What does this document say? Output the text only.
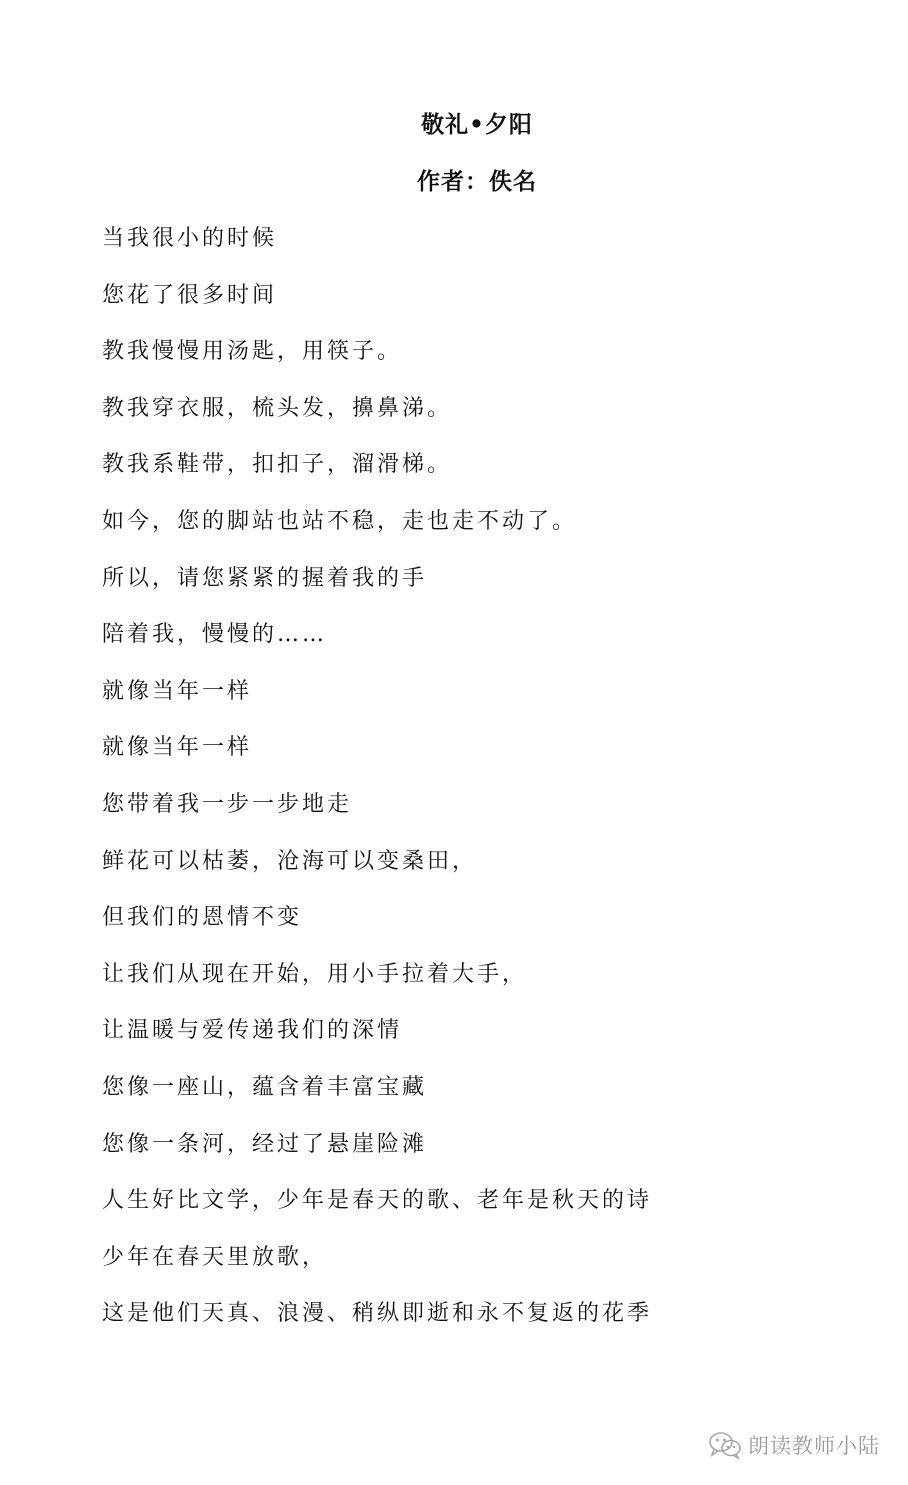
敬礼•夕阳
作者：佚名
当我很小的时候
您花了很多时间
教我慢慢用汤匙，用筷子。
教我穿衣服，梳头发，擤鼻涕。
教我系鞋带，扣扣子，溜滑梯。
如今，您的脚站也站不稳，走也走不动了。
所以，请您紧紧的握着我的手
陪着我，慢慢的……
就像当年一样
就像当年一样
您带着我一步一步地走
鲜花可以枯萎，沧海可以变桑田，
但我们的恩情不变
让我们从现在开始，用小手拉着大手，
让温暖与爱传递我们的深情
您像一座山，蕴含着丰富宝藏
您像一条河，经过了悬崖险滩
人生好比文学，少年是春天的歌、老年是秋天的诗
少年在春天里放歌，
这是他们天真、浪漫、稍纵即逝和永不复返的花季
朗读教师小陆
